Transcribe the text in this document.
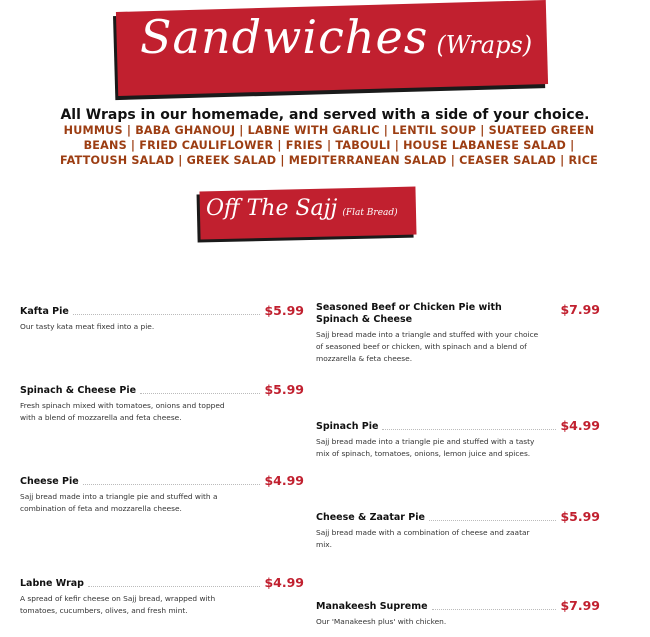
Sandwiches (Wraps)
All Wraps in our homemade, and served with a side of your choice.
HUMMUS | BABA GHANOUJ | LABNE WITH GARLIC | LENTIL SOUP | SUATEED GREEN BEANS | FRIED CAULIFLOWER | FRIES | TABOULI | HOUSE LABANESE SALAD | FATTOUSH SALAD | GREEK SALAD | MEDITERRANEAN SALAD | CEASER SALAD | RICE
Off The Sajj (Flat Bread)
Kafta Pie	$5.99
Our tasty kata meat fixed into a pie.
Spinach & Cheese Pie	$5.99
Fresh spinach mixed with tomatoes, onions and topped with a blend of mozzarella and feta cheese.
Cheese Pie	$4.99
Sajj bread made into a triangle pie and stuffed with a combination of feta and mozzarella cheese.
Labne Wrap	$4.99
A spread of kefir cheese on Sajj bread, wrapped with tomatoes, cucumbers, olives, and fresh mint.
Seasoned Beef or Chicken Pie with Spinach & Cheese
$7.99
Sajj bread made into a triangle and stuffed with your choice of seasoned beef or chicken, with spinach and a blend of mozzarella & feta cheese.
Spinach Pie	$4.99
Sajj bread made into a triangle pie and stuffed with a tasty mix of spinach, tomatoes, onions, lemon juice and spices.
Cheese & Zaatar Pie	$5.99
Sajj bread made with a combination of cheese and zaatar mix.
Manakeesh Supreme	$7.99
Our 'Manakeesh plus' with chicken.
